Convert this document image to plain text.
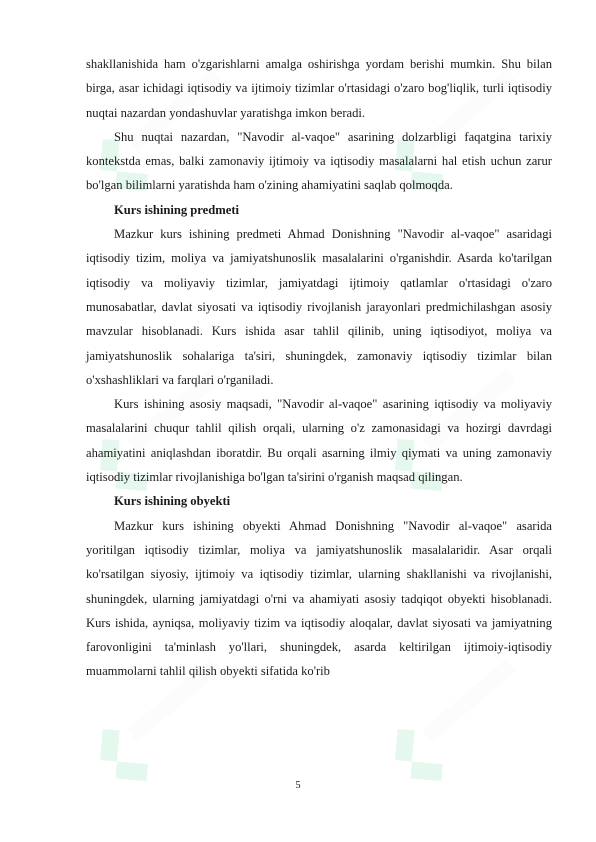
shakllanishida ham o'zgarishlarni amalga oshirishga yordam berishi mumkin. Shu bilan birga, asar ichidagi iqtisodiy va ijtimoiy tizimlar o'rtasidagi o'zaro bog'liqlik, turli iqtisodiy nuqtai nazardan yondashuvlar yaratishga imkon beradi.

Shu nuqtai nazardan, "Navodir al-vaqoe" asarining dolzarbligi faqatgina tarixiy kontekstda emas, balki zamonaviy ijtimoiy va iqtisodiy masalalarni hal etish uchun zarur bo'lgan bilimlarni yaratishda ham o'zining ahamiyatini saqlab qolmoqda.

Kurs ishining predmeti

Mazkur kurs ishining predmeti Ahmad Donishning "Navodir al-vaqoe" asaridagi iqtisodiy tizim, moliya va jamiyatshunoslik masalalarini o'rganishdir. Asarda ko'tarilgan iqtisodiy va moliyaviy tizimlar, jamiyatdagi ijtimoiy qatlamlar o'rtasidagi o'zaro munosabatlar, davlat siyosati va iqtisodiy rivojlanish jarayonlari predmichilashgan asosiy mavzular hisoblanadi. Kurs ishida asar tahlil qilinib, uning iqtisodiyot, moliya va jamiyatshunoslik sohalariga ta'siri, shuningdek, zamonaviy iqtisodiy tizimlar bilan o'xshashliklari va farqlari o'rganiladi.

Kurs ishining asosiy maqsadi, "Navodir al-vaqoe" asarining iqtisodiy va moliyaviy masalalarini chuqur tahlil qilish orqali, ularning o'z zamonasidagi va hozirgi davrdagi ahamiyatini aniqlashdan iboratdir. Bu orqali asarning ilmiy qiymati va uning zamonaviy iqtisodiy tizimlar rivojlanishiga bo'lgan ta'sirini o'rganish maqsad qilingan.

Kurs ishining obyekti

Mazkur kurs ishining obyekti Ahmad Donishning "Navodir al-vaqoe" asarida yoritilgan iqtisodiy tizimlar, moliya va jamiyatshunoslik masalalaridir. Asar orqali ko'rsatilgan siyosiy, ijtimoiy va iqtisodiy tizimlar, ularning shakllanishi va rivojlanishi, shuningdek, ularning jamiyatdagi o'rni va ahamiyati asosiy tadqiqot obyekti hisoblanadi. Kurs ishida, ayniqsa, moliyaviy tizim va iqtisodiy aloqalar, davlat siyosati va jamiyatning farovonligini ta'minlash yo'llari, shuningdek, asarda keltirilgan ijtimoiy-iqtisodiy muammolarni tahlil qilish obyekti sifatida ko'rib

5
